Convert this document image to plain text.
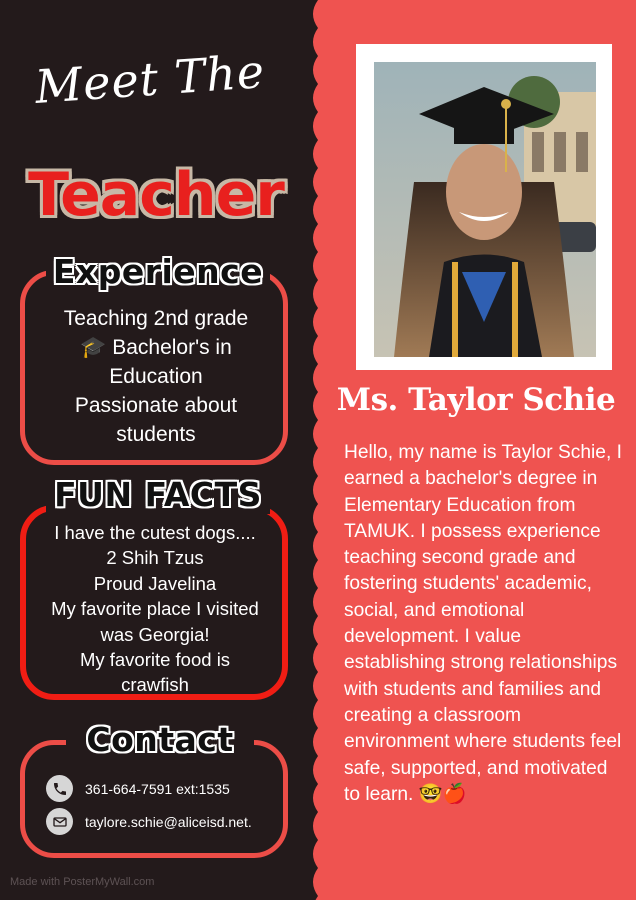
Meet The
Teacher
Experience
Teaching 2nd grade
🎓 Bachelor's in
Education
Passionate about
students
FUN FACTS
I have the cutest dogs....
2 Shih Tzus
Proud Javelina
My favorite place I visited
was Georgia!
My favorite food is
crawfish
Contact
361-664-7591 ext:1535
taylore.schie@aliceisd.net.
Made with PosterMyWall.com
Ms. Taylor Schie
Hello, my name is Taylor Schie, I earned a bachelor's degree in Elementary Education from TAMUK. I possess experience teaching second grade and fostering students' academic, social, and emotional development. I value establishing strong relationships with students and families and creating a classroom environment where students feel safe, supported, and motivated to learn. 🤓🍎
